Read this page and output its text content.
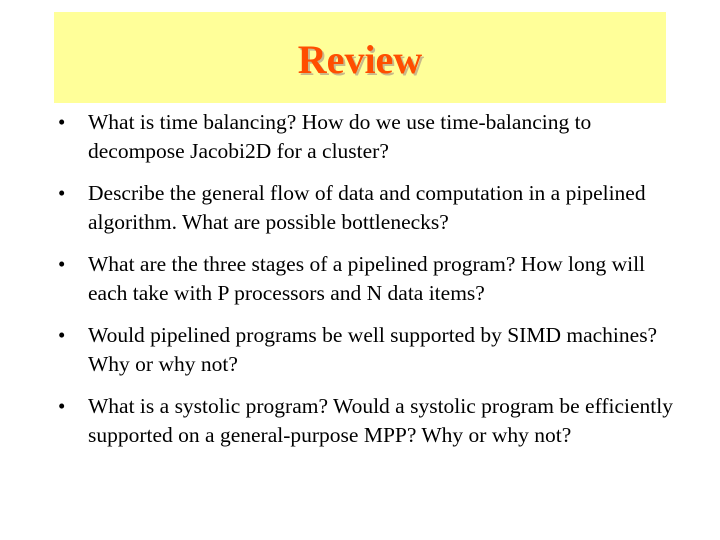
Review
• What is time balancing? How do we use time-balancing to decompose Jacobi2D for a cluster?
• Describe the general flow of data and computation in a pipelined algorithm. What are possible bottlenecks?
• What are the three stages of a pipelined program? How long will each take with P processors and N data items?
• Would pipelined programs be well supported by SIMD machines? Why or why not?
• What is a systolic program? Would a systolic program be efficiently supported on a general-purpose MPP? Why or why not?
